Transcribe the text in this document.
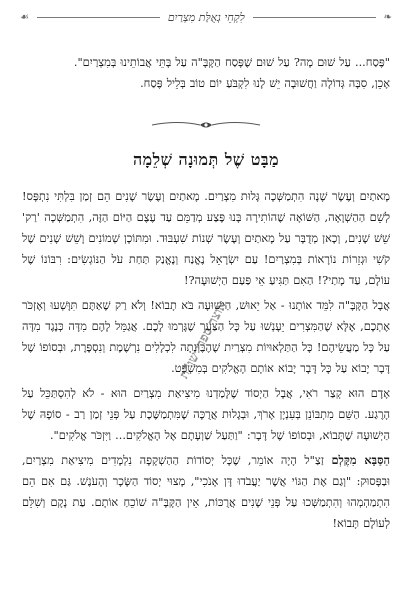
❧
לִקְחֵי גְאֻלַּת מִצְרַיִם
☙

"פֶּסַח... עַל שׁוּם מָה? עַל שׁוּם שֶׁפָּסַח הַקָּבָּ"ה עַל בָּתֵּי אֲבוֹתֵינוּ בְּמִצְרַיִם".

אָכֵן, סִבָּה גְּדוֹלָה וַחֲשׁוּבָה יֵשׁ לָנוּ לִקְבֹּעַ יוֹם טוֹב בְּלֵיל פֶּסַח.

מַבָּט שֶׁל תְּמוּנָה שְׁלֵמָה

מָאתַיִם וְעֶשֶׂר שָׁנָה הִתְמַשְּׁכָה גָּלוּת מִצְרַיִם. מָאתַיִם וְעֶשֶׂר שָׁנִים הֵם זְמַן בִּלְתִּי נִתְפָּס! לְשֵׁם הַהַשְׁוָאָה, הַשּׁוֹאָה שֶׁהוֹתִירָה בָּנוּ פֶּצַע מְדַמֵּם עַד עֶצֶם הַיּוֹם הַזֶּה, הִתְמַשְּׁכָה 'רַק' שֵׁשׁ שָׁנִים, וְכָאן מְדֻבָּר עַל מָאתַיִם וְעֶשֶׂר שְׁנוֹת שִׁעְבּוּד. וּמִתּוֹכָן שְׁמוֹנִים וָשֵׁשׁ שָׁנִים שֶׁל קֹשִׁי וּגְזֵרוֹת נוֹרָאוֹת בְּמִצְרַיִם! עַם יִשְׂרָאֵל נֶאֱנַח וְנֶאֱנַק תַּחַת עֹל הַנּוֹגְשִׂים: רִבּוֹנוֹ שֶׁל עוֹלָם, עַד מָתַי?! הַאִם תַּגִּיעַ אֵי פַּעַם הַיְשׁוּעָה?!

אֲבָל הַקָּבָּ"ה לִמֵּד אוֹתָנוּ - אַל יֵאוּשׁ, הַיְשׁוּעָה בֹּא תָבוֹא! וְלֹא רַק שֶׁאַתֶּם תִּוָּשְׁעוּ וְאֶזְכֹּר אֶתְכֶם, אֶלָּא שֶׁהַמִּצְרִים יֵעָנְשׁוּ עַל כָּל הַצַּעַר שֶׁגָּרְמוּ לָכֶם. אֲגַמֵּל לָהֶם מִדָּה כְּנֶגֶד מִדָּה עַל כָּל מַעֲשֵׂיהֶם! כָּל הַתַּלְאוּיוֹת מִצְרַיִת שֶׁהֶבֶּוְנָתָה לִכְלָלִים נִרְשֶׁמֶת וְנִסְפֶּרֶת, וּבְסוֹפוֹ שֶׁל דָּבָר יָבוֹא עַל כָּל דָּבָר יָבוֹא אוֹתָם הָאֱלֹקִים בְּמִשְׁפָּט.

אָדָם הוּא קְצַר רֹאִי, אֲבָל הַיְסוֹד שֶׁלָּמַדְנוּ מִיצִיאַת מִצְרַיִם הוּא - לֹא לְהִסְתַּכֵּל עַל הָרֶגַע. הַשֵּׁם מִתְבּוֹנֵן בְּעִנְיָן אָרֹךְ, וּבְגָלוּת אֲרֻכָּה שֶׁמִּתְמַשֶּׁכֶת עַל פְּנֵי זְמַן רַב - סוֹפָהּ שֶׁל הַיְשׁוּעָה שֶׁתָּבוֹא, וּבְסוֹפוֹ שֶׁל דָּבָר: "וַתַּעַל שַׁוְעָתָם אֶל הָאֱלֹקִים... וַיִּזְכֹּר אֱלֹקִים".

הַסַּבָּא מִקֶּלְם זַצַ"ל הָיָה אוֹמֵר, שֶׁכָּל יְסוֹדוֹת הַהַשְׁקָפָה נִלְמָדִים מִיצִיאַת מִצְרַיִם, וּבַפָּסוּק: "וְגַם אֶת הַגּוֹי אֲשֶׁר יַעֲבֹדוּ דָּן אָנֹכִי", מָצוּי יְסוֹד הַשָּׂכָר וְהָעֹנֶשׁ. גַּם אִם הֵם הִתְמַהְמְהוּ וְהִתְמַשְּׁכוּ עַל פְּנֵי שָׁנִים אֲרֻכּוֹת, אֵין הַקָּבָּ"ה שׁוֹכֵחַ אוֹתָם. עַת נָקָם וְשִׁלֵּם לְעוֹלָם תָּבוֹא!

אוצר ספרי שו"ת
